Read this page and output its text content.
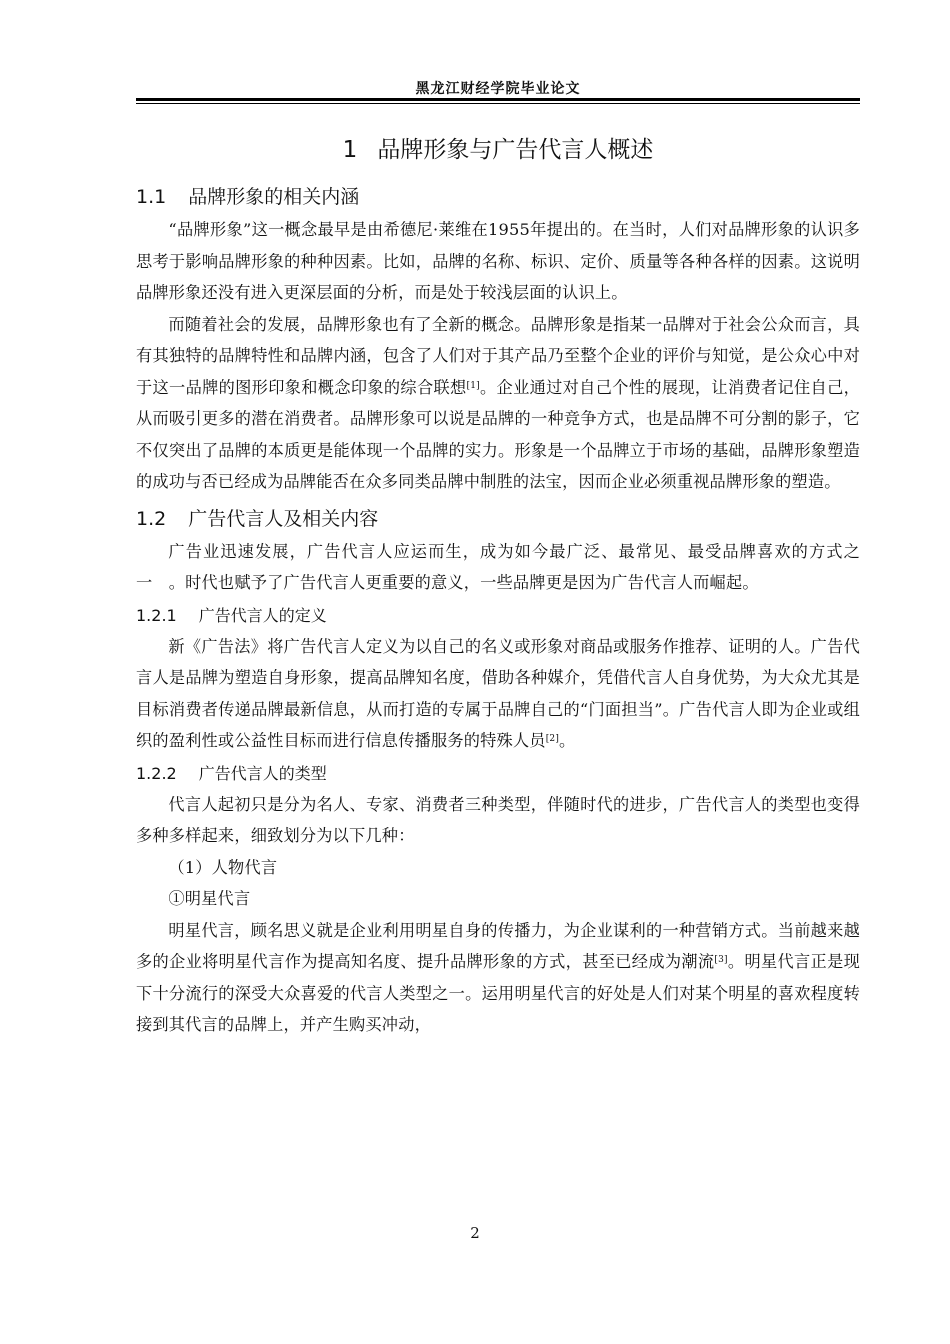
黑龙江财经学院毕业论文
1 品牌形象与广告代言人概述
1.1 品牌形象的相关内涵

“品牌形象”这一概念最早是由希德尼·莱维在1955年提出的。在当时，人们对品牌形象的认识多思考于影响品牌形象的种种因素。比如，品牌的名称、标识、定价、质量等各种各样的因素。这说明品牌形象还没有进入更深层面的分析，而是处于较浅层面的认识上。

而随着社会的发展，品牌形象也有了全新的概念。品牌形象是指某一品牌对于社会公众而言，具有其独特的品牌特性和品牌内涵，包含了人们对于其产品乃至整个企业的评价与知觉，是公众心中对于这一品牌的图形印象和概念印象的综合联想[1]。企业通过对自己个性的展现，让消费者记住自己，从而吸引更多的潜在消费者。品牌形象可以说是品牌的一种竞争方式，也是品牌不可分割的影子，它不仅突出了品牌的本质更是能体现一个品牌的实力。形象是一个品牌立于市场的基础，品牌形象塑造的成功与否已经成为品牌能否在众多同类品牌中制胜的法宝，因而企业必须重视品牌形象的塑造。

1.2 广告代言人及相关内容

广告业迅速发展，广告代言人应运而生，成为如今最广泛、最常见、最受品牌喜欢的方式之一　。时代也赋予了广告代言人更重要的意义，一些品牌更是因为广告代言人而崛起。

1.2.1 广告代言人的定义

新《广告法》将广告代言人定义为以自己的名义或形象对商品或服务作推荐、证明的人。广告代言人是品牌为塑造自身形象，提高品牌知名度，借助各种媒介，凭借代言人自身优势，为大众尤其是目标消费者传递品牌最新信息，从而打造的专属于品牌自己的“门面担当”。广告代言人即为企业或组织的盈利性或公益性目标而进行信息传播服务的特殊人员[2]。

1.2.2 广告代言人的类型

代言人起初只是分为名人、专家、消费者三种类型，伴随时代的进步，广告代言人的类型也变得多种多样起来，细致划分为以下几种：

（1）人物代言

①明星代言

明星代言，顾名思义就是企业利用明星自身的传播力，为企业谋利的一种营销方式。当前越来越多的企业将明星代言作为提高知名度、提升品牌形象的方式，甚至已经成为潮流[3]。明星代言正是现下十分流行的深受大众喜爱的代言人类型之一。运用明星代言的好处是人们对某个明星的喜欢程度转接到其代言的品牌上，并产生购买冲动，

2
